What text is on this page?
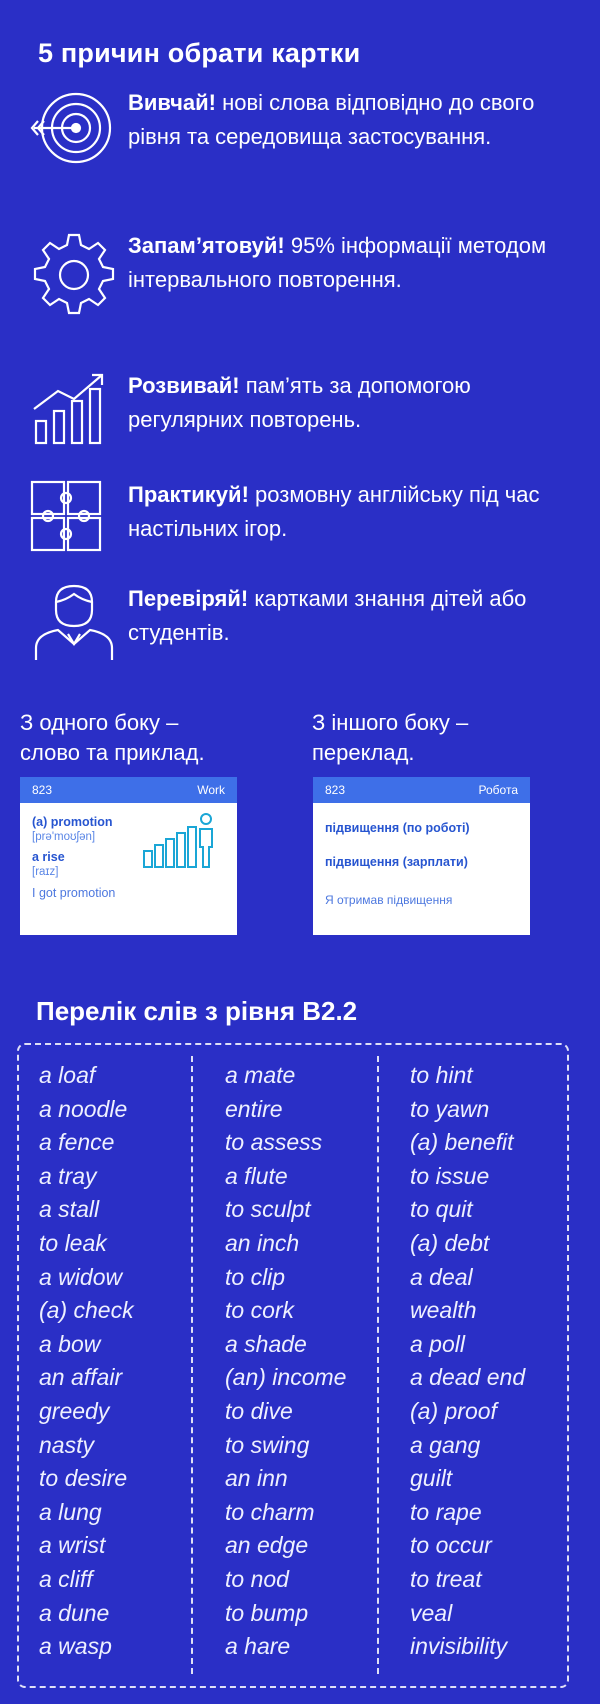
5 причин обрати картки
Вивчай! нові слова відповідно до свого рівня та середовища застосування.
Запам’ятовуй! 95% інформації методом інтервального повторення.
Розвивай! пам’ять за допомогою регулярних повторень.
Практикуй! розмовну англійську під час настільних ігор.
Перевіряй! картками знання дітей або студентів.
З одного боку –
слово та приклад.
З іншого боку –
переклад.
823	Work
(a) promotion
[prə'moʊʃən]
a rise
[raɪz]
I got promotion
823	Робота
підвищення (по роботі)
підвищення (зарплати)
Я отримав підвищення
Перелік слів з рівня В2.2
a loaf
a noodle
a fence
a tray
a stall
to leak
a widow
(a) check
a bow
an affair
greedy
nasty
to desire
a lung
a wrist
a cliff
a dune
a wasp
a mate
entire
to assess
a flute
to sculpt
an inch
to clip
to cork
a shade
(an) income
to dive
to swing
an inn
to charm
an edge
to nod
to bump
a hare
to hint
to yawn
(a) benefit
to issue
to quit
(a) debt
a deal
wealth
a poll
a dead end
(a) proof
a gang
guilt
to rape
to occur
to treat
veal
invisibility
